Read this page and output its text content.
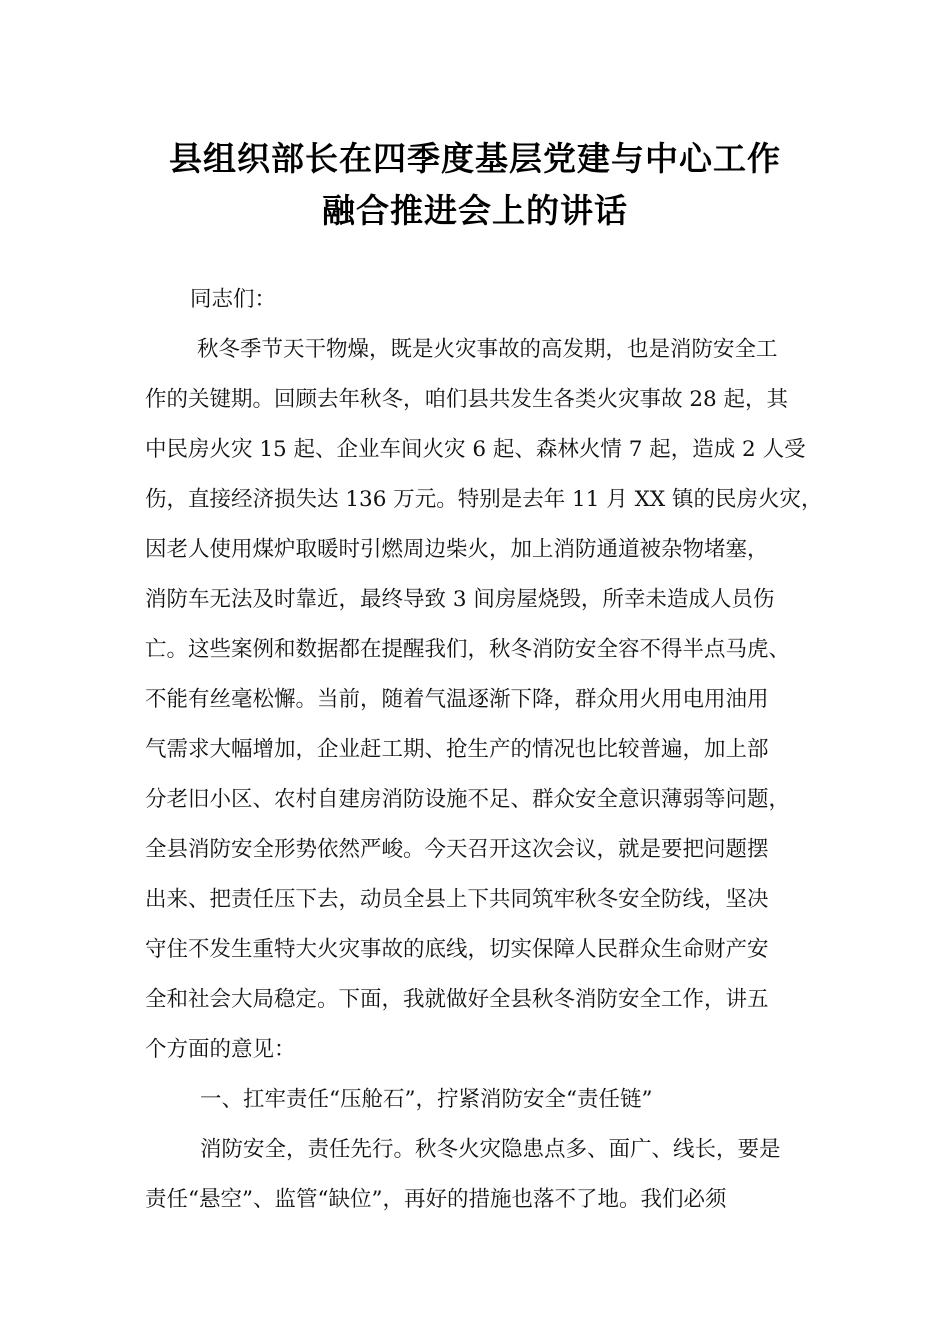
县组织部长在四季度基层党建与中心工作
融合推进会上的讲话
同志们：
秋冬季节天干物燥，既是火灾事故的高发期，也是消防安全工
作的关键期。回顾去年秋冬，咱们县共发生各类火灾事故 28 起，其
中民房火灾 15 起、企业车间火灾 6 起、森林火情 7 起，造成 2 人受
伤，直接经济损失达 136 万元。特别是去年 11 月 XX 镇的民房火灾，
因老人使用煤炉取暖时引燃周边柴火，加上消防通道被杂物堵塞，
消防车无法及时靠近，最终导致 3 间房屋烧毁，所幸未造成人员伤
亡。这些案例和数据都在提醒我们，秋冬消防安全容不得半点马虎、
不能有丝毫松懈。当前，随着气温逐渐下降，群众用火用电用油用
气需求大幅增加，企业赶工期、抢生产的情况也比较普遍，加上部
分老旧小区、农村自建房消防设施不足、群众安全意识薄弱等问题，
全县消防安全形势依然严峻。今天召开这次会议，就是要把问题摆
出来、把责任压下去，动员全县上下共同筑牢秋冬安全防线，坚决
守住不发生重特大火灾事故的底线，切实保障人民群众生命财产安
全和社会大局稳定。下面，我就做好全县秋冬消防安全工作，讲五
个方面的意见：
一、扛牢责任“压舱石”，拧紧消防安全“责任链”
消防安全，责任先行。秋冬火灾隐患点多、面广、线长，要是
责任“悬空”、监管“缺位”，再好的措施也落不了地。我们必须
